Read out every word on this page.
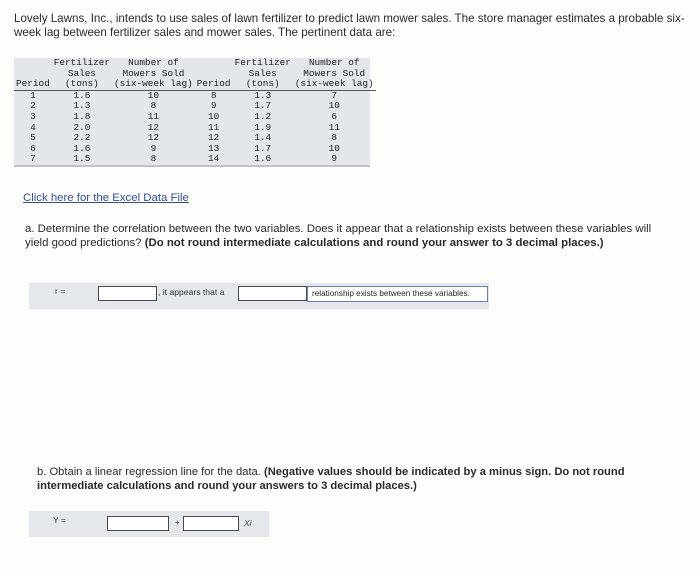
Lovely Lawns, Inc., intends to use sales of lawn fertilizer to predict lawn mower sales. The store manager estimates a probable six-week lag between fertilizer sales and mower sales. The pertinent data are:
	Fertilizer	Number of		Fertilizer	Number of
	Sales	Mowers Sold		Sales	Mowers Sold
Period	(tons)	(six-week lag)	Period	(tons)	(six-week lag)
1	1.6	10	8	1.3	7
2	1.3	8	9	1.7	10
3	1.8	11	10	1.2	6
4	2.0	12	11	1.9	11
5	2.2	12	12	1.4	8
6	1.6	9	13	1.7	10
7	1.5	8	14	1.6	9
Click here for the Excel Data File
a. Determine the correlation between the two variables. Does it appear that a relationship exists between these variables will yield good predictions? (Do not round intermediate calculations and round your answer to 3 decimal places.)
r =	, it appears that a	relationship exists between these variables.
b. Obtain a linear regression line for the data. (Negative values should be indicated by a minus sign. Do not round intermediate calculations and round your answers to 3 decimal places.)
Y =	+	Xi
